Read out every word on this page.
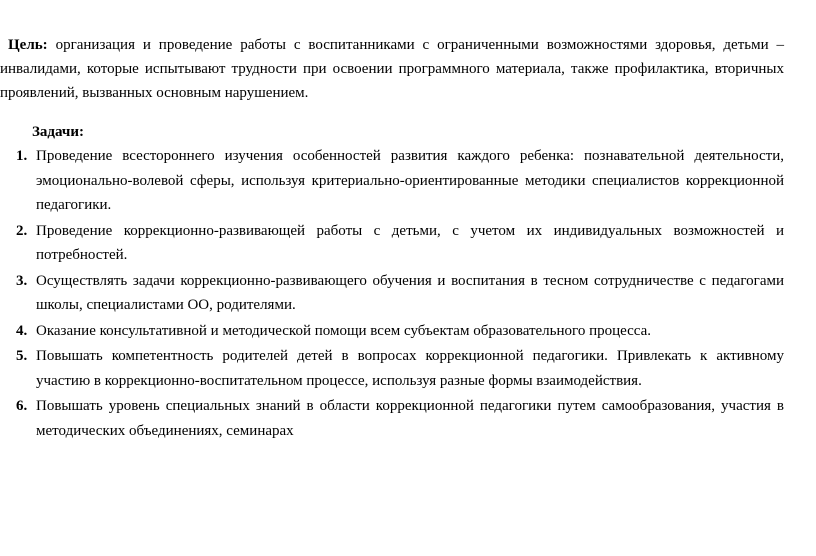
Цель: организация и проведение работы с воспитанниками с ограниченными возможностями здоровья, детьми – инвалидами, которые испытывают трудности при освоении программного материала, также профилактика, вторичных проявлений, вызванных основным нарушением.

Задачи:
1. Проведение всестороннего изучения особенностей развития каждого ребенка: познавательной деятельности, эмоционально-волевой сферы, используя критериально-ориентированные методики специалистов коррекционной педагогики.
2. Проведение коррекционно-развивающей работы с детьми, с учетом их индивидуальных возможностей и потребностей.
3. Осуществлять задачи коррекционно-развивающего обучения и воспитания в тесном сотрудничестве с педагогами школы, специалистами ОО, родителями.
4. Оказание консультативной и методической помощи всем субъектам образовательного процесса.
5. Повышать компетентность родителей детей в вопросах коррекционной педагогики. Привлекать к активному участию в коррекционно-воспитательном процессе, используя разные формы взаимодействия.
6. Повышать уровень специальных знаний в области коррекционной педагогики путем самообразования, участия в методических объединениях, семинарах
